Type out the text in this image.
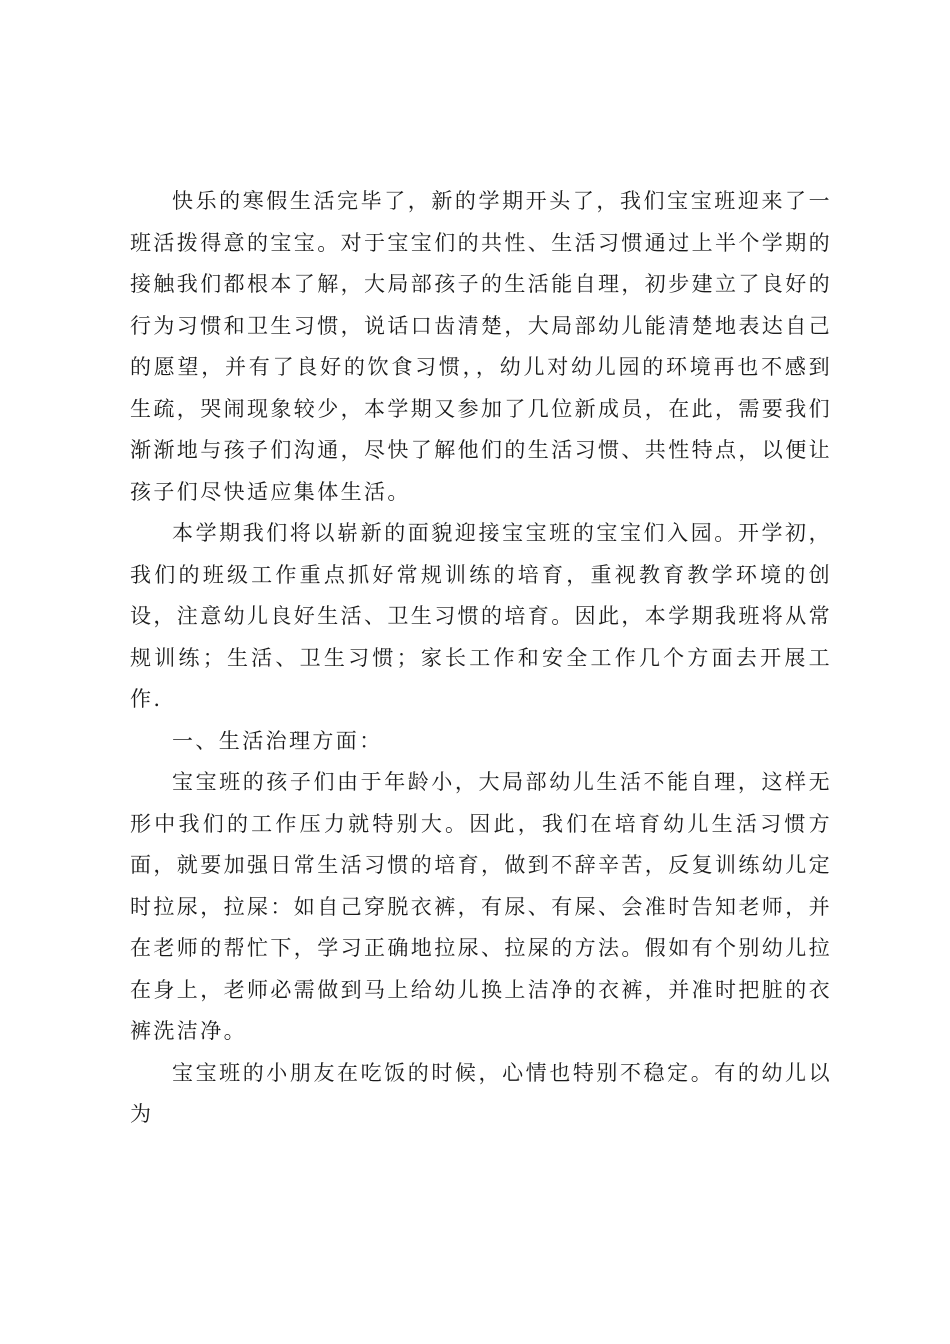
快乐的寒假生活完毕了，新的学期开头了，我们宝宝班迎来了一班活拨得意的宝宝。对于宝宝们的共性、生活习惯通过上半个学期的接触我们都根本了解，大局部孩子的生活能自理，初步建立了良好的行为习惯和卫生习惯，说话口齿清楚，大局部幼儿能清楚地表达自己的愿望，并有了良好的饮食习惯，，幼儿对幼儿园的环境再也不感到生疏，哭闹现象较少，本学期又参加了几位新成员，在此，需要我们渐渐地与孩子们沟通，尽快了解他们的生活习惯、共性特点，以便让孩子们尽快适应集体生活。

本学期我们将以崭新的面貌迎接宝宝班的宝宝们入园。开学初，我们的班级工作重点抓好常规训练的培育，重视教育教学环境的创设，注意幼儿良好生活、卫生习惯的培育。因此，本学期我班将从常规训练；生活、卫生习惯；家长工作和安全工作几个方面去开展工作.

一、生活治理方面：

宝宝班的孩子们由于年龄小，大局部幼儿生活不能自理，这样无形中我们的工作压力就特别大。因此，我们在培育幼儿生活习惯方面，就要加强日常生活习惯的培育，做到不辞辛苦，反复训练幼儿定时拉尿，拉屎：如自己穿脱衣裤，有尿、有屎、会准时告知老师，并在老师的帮忙下，学习正确地拉尿、拉屎的方法。假如有个别幼儿拉在身上，老师必需做到马上给幼儿换上洁净的衣裤，并准时把脏的衣裤洗洁净。

宝宝班的小朋友在吃饭的时候，心情也特别不稳定。有的幼儿以为
